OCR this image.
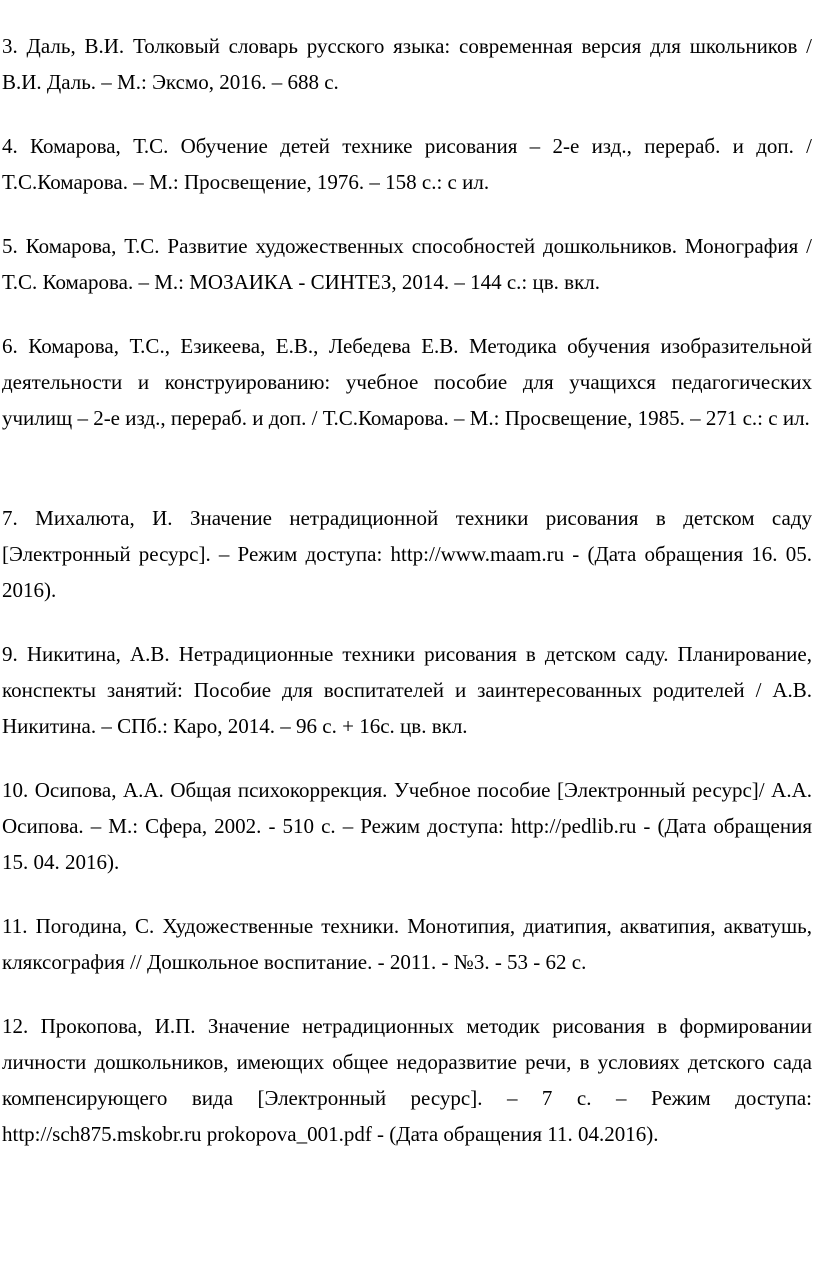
3. Даль, В.И. Толковый словарь русского языка: современная версия для школьников / В.И. Даль. – М.: Эксмо, 2016. – 688 с.

4. Комарова, Т.С. Обучение детей технике рисования – 2-е изд., перераб. и доп. / Т.С.Комарова. – М.: Просвещение, 1976. – 158 с.: с ил.

5. Комарова, Т.С. Развитие художественных способностей дошкольников. Монография / Т.С. Комарова. – М.: МОЗАИКА - СИНТЕЗ, 2014. – 144 с.: цв. вкл.

6. Комарова, Т.С., Езикеева, Е.В., Лебедева Е.В. Методика обучения изобразительной деятельности и конструированию: учебное пособие для учащихся педагогических училищ – 2-е изд., перераб. и доп. / Т.С.Комарова. – М.: Просвещение, 1985. – 271 с.: с ил.

7. Михалюта, И. Значение нетрадиционной техники рисования в детском саду [Электронный ресурс]. – Режим доступа: http://www.maam.ru - (Дата обращения 16. 05. 2016).

9. Никитина, А.В. Нетрадиционные техники рисования в детском саду. Планирование, конспекты занятий: Пособие для воспитателей и заинтересованных родителей / А.В. Никитина. – СПб.: Каро, 2014. – 96 с. + 16с. цв. вкл.

10. Осипова, А.А. Общая психокоррекция. Учебное пособие [Электронный ресурс]/ А.А. Осипова. – М.: Сфера, 2002. - 510 с. – Режим доступа: http://pedlib.ru - (Дата обращения 15. 04. 2016).

11. Погодина, С. Художественные техники. Монотипия, диатипия, акватипия, акватушь, кляксография // Дошкольное воспитание. - 2011. - №3. - 53 - 62 с.

12. Прокопова, И.П. Значение нетрадиционных методик рисования в формировании личности дошкольников, имеющих общее недоразвитие речи, в условиях детского сада компенсирующего вида [Электронный ресурс]. – 7 с. – Режим доступа: http://sch875.mskobr.ru prokopova_001.pdf - (Дата обращения 11. 04.2016).
